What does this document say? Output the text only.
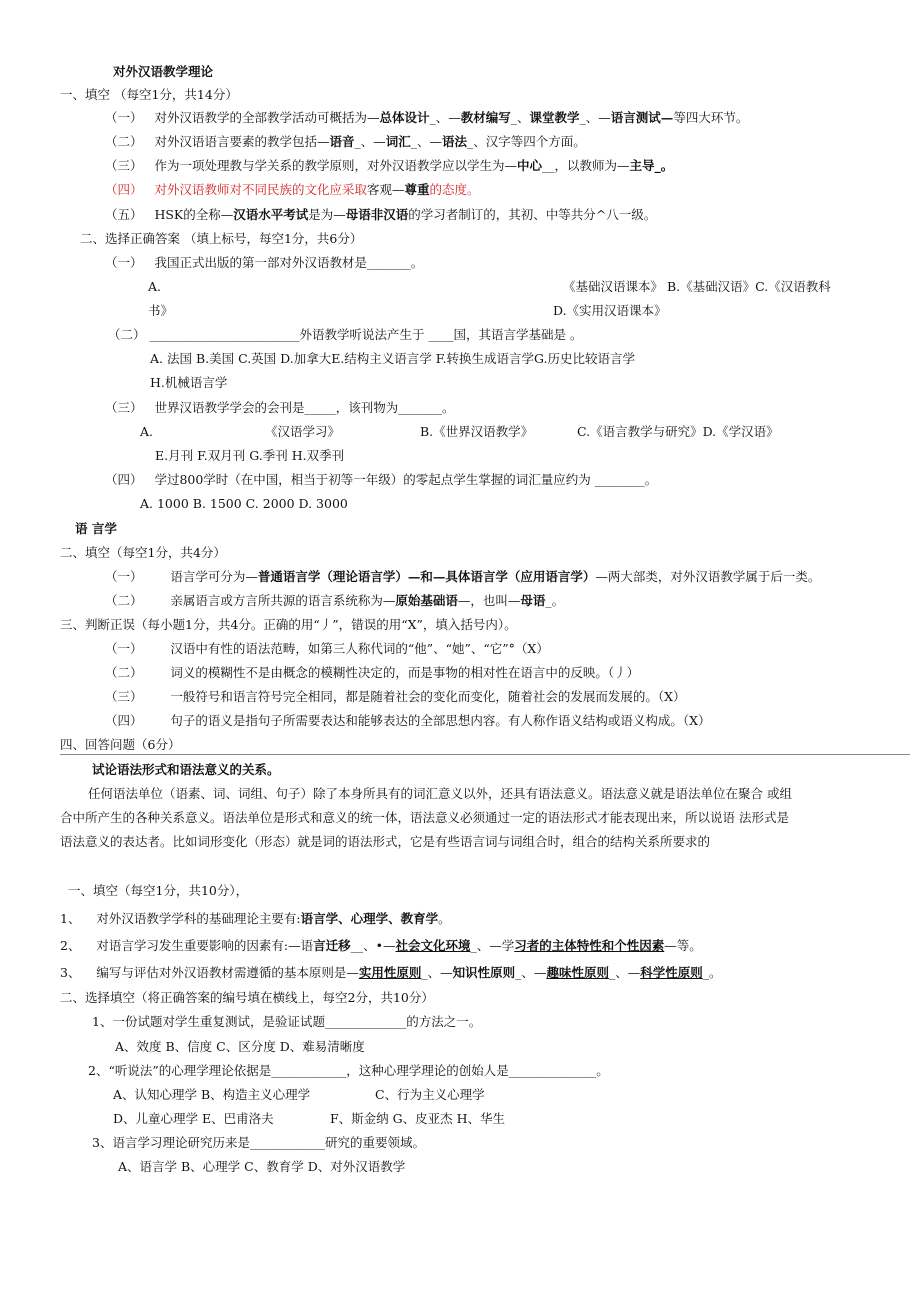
对外汉语教学理论
一、填空 （每空1分，共14分）
（一） 对外汉语教学的全部教学活动可概括为—总体设计_、—教材编写_、课堂教学_、—语言测试—等四大环节。
（二） 对外汉语语言要素的教学包括—语音_、—词汇_、—语法_、汉字等四个方面。
（三） 作为一项处理教与学关系的教学原则，对外汉语教学应以学生为—中心__，以教师为—主导_。
（四） 对外汉语教师对不同民族的文化应采取客观—尊重的态度。
（五） HSK的全称—汉语水平考试是为—母语非汉语的学习者制订的，其初、中等共分^八一级。
二、选择正确答案 （填上标号，每空1分，共6分）
（一） 我国正式出版的第一部对外汉语教材是_______。
A.	《基础汉语课本》 B.《基础汉语》C.《汉语教科
书》	D.《实用汉语课本》
（二） ________________________外语教学听说法产生于 ____国，其语言学基础是 。
A. 法国 B.美国 C.英国 D.加拿大E.结构主义语言学 F.转换生成语言学G.历史比较语言学
H.机械语言学
（三） 世界汉语教学学会的会刊是_____，该刊物为_______。
A.	《汉语学习》	B.《世界汉语教学》	C.《语言教学与研究》D.《学汉语》
E.月刊 F.双月刊 G.季刊 H.双季刊
（四） 学过800学时（在中国，相当于初等一年级）的零起点学生掌握的词汇量应约为 ________。
A. 1000 B. 1500 C. 2000 D. 3000
语 言学
二、填空（每空1分，共4分）
（一） 语言学可分为—普通语言学（理论语言学）—和—具体语言学（应用语言学）—两大部类，对外汉语教学属于后一类。
（二） 亲属语言或方言所共源的语言系统称为—原始基础语—，也叫—母语_。
三、判断正误（每小题1分，共4分。正确的用“丿”，错误的用“X”，填入括号内）。
（一） 汉语中有性的语法范畴，如第三人称代词的“他”、“她”、“它”°（X）
（二） 词义的模糊性不是由概念的模糊性决定的，而是事物的相对性在语言中的反映。（丿）
（三） 一般符号和语言符号完全相同，都是随着社会的变化而变化，随着社会的发展而发展的。（X）
（四） 句子的语义是指句子所需要表达和能够表达的全部思想内容。有人称作语义结构或语义构成。（X）
四、回答问题（6分）
试论语法形式和语法意义的关系。
任何语法单位（语素、词、词组、句子）除了本身所具有的词汇意义以外，还具有语法意义。语法意义就是语法单位在聚合 或组
合中所产生的各种关系意义。语法单位是形式和意义的统一体，语法意义必须通过一定的语法形式才能表现出来，所以说语 法形式是
语法意义的表达者。比如词形变化（形态）就是词的语法形式，它是有些语言词与词组合时，组合的结构关系所要求的
一、填空（每空1分，共10分），
1、 对外汉语教学学科的基础理论主要有:语言学、心理学、教育学。
2、 对语言学习发生重要影响的因素有:—语言迁移__、•—社会文化环境_、—学习者的主体特性和个性因素—等。
3、 编写与评估对外汉语教材需遵循的基本原则是—实用性原则_、—知识性原则_、—趣味性原则_、—科学性原则_。
二、选择填空（将正确答案的编号填在横线上，每空2分，共10分）
1、一份试题对学生重复测试，是验证试题_____________的方法之一。
A、效度 B、信度 C、区分度 D、难易清晰度
2、“听说法”的心理学理论依据是____________，这种心理学理论的创始人是______________。
A、认知心理学 B、构造主义心理学	C、行为主义心理学
D、儿童心理学 E、巴甫洛夫	F、斯金纳 G、皮亚杰 H、华生
3、语言学习理论研究历来是____________研究的重要领域。
A、语言学 B、心理学 C、教育学 D、对外汉语教学
